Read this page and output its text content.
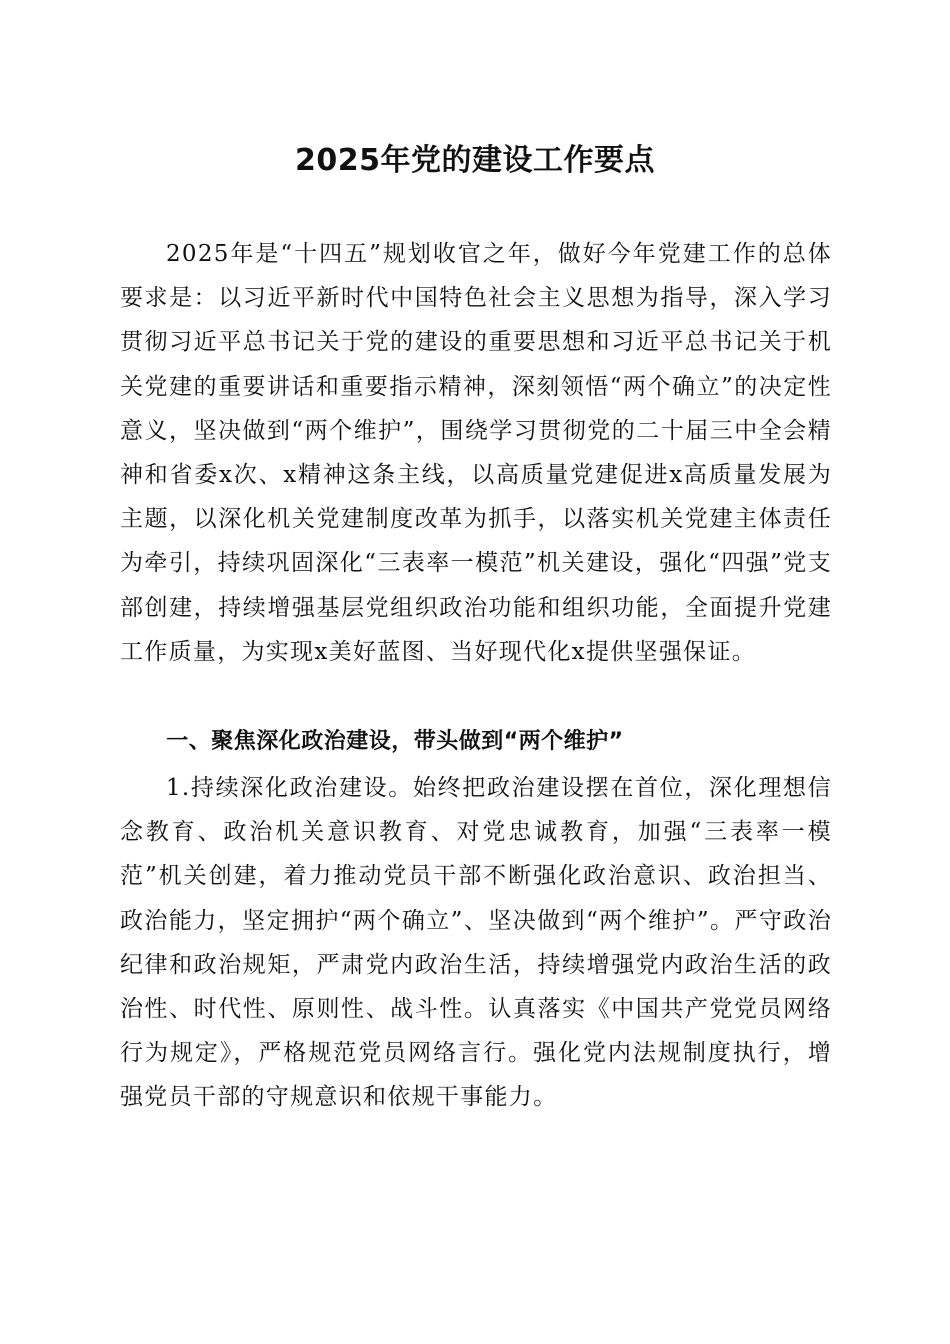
2025年党的建设工作要点

2025年是“十四五”规划收官之年，做好今年党建工作的总体要求是：以习近平新时代中国特色社会主义思想为指导，深入学习贯彻习近平总书记关于党的建设的重要思想和习近平总书记关于机关党建的重要讲话和重要指示精神，深刻领悟“两个确立”的决定性意义，坚决做到“两个维护”，围绕学习贯彻党的二十届三中全会精神和省委x次、x精神这条主线，以高质量党建促进x高质量发展为主题，以深化机关党建制度改革为抓手，以落实机关党建主体责任为牵引，持续巩固深化“三表率一模范”机关建设，强化“四强”党支部创建，持续增强基层党组织政治功能和组织功能，全面提升党建工作质量，为实现x美好蓝图、当好现代化x提供坚强保证。

一、聚焦深化政治建设，带头做到“两个维护”

1.持续深化政治建设。始终把政治建设摆在首位，深化理想信念教育、政治机关意识教育、对党忠诚教育，加强“三表率一模范”机关创建，着力推动党员干部不断强化政治意识、政治担当、政治能力，坚定拥护“两个确立”、坚决做到“两个维护”。严守政治纪律和政治规矩，严肃党内政治生活，持续增强党内政治生活的政治性、时代性、原则性、战斗性。认真落实《中国共产党党员网络行为规定》，严格规范党员网络言行。强化党内法规制度执行，增强党员干部的守规意识和依规干事能力。
